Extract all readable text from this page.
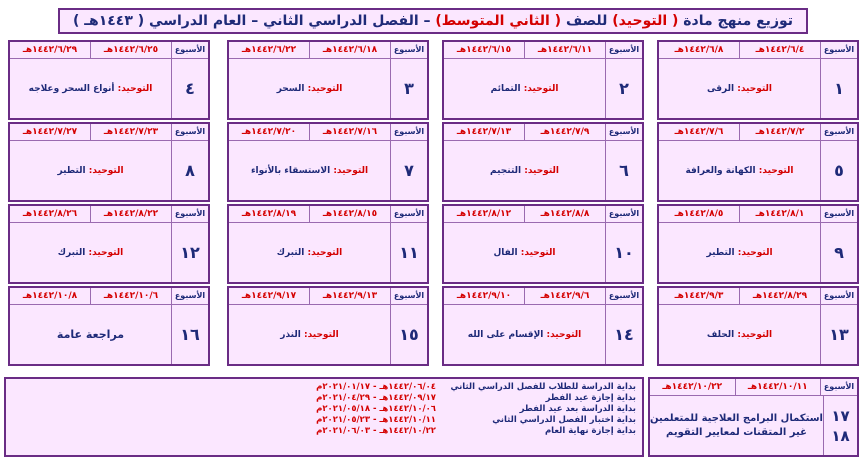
توزيع منهج مادة ( التوحيد) للصف ( الثاني المتوسط) – الفصل الدراسي الثاني – العام الدراسي ( ١٤٤٣هـ )
الأسبوع
١٤٤٢/٦/٤هـ
١٤٤٢/٦/٨هـ
١
التوحيد:

الرقى
الأسبوع
١٤٤٢/٦/١١هـ
١٤٤٢/٦/١٥هـ
٢
التوحيد:

التمائم
الأسبوع
١٤٤٢/٦/١٨هـ
١٤٤٢/٦/٢٢هـ
٣
التوحيد:

السحر
الأسبوع
١٤٤٢/٦/٢٥هـ
١٤٤٢/٦/٢٩هـ
٤
التوحيد:

أنواع السحر وعلاجه
الأسبوع
١٤٤٢/٧/٢هـ
١٤٤٢/٧/٦هـ
٥
التوحيد:

الكهانة والعرافة
الأسبوع
١٤٤٢/٧/٩هـ
١٤٤٢/٧/١٣هـ
٦
التوحيد:

التنجيم
الأسبوع
١٤٤٢/٧/١٦هـ
١٤٤٢/٧/٢٠هـ
٧
التوحيد:

الاستسقاء بالأنواء
الأسبوع
١٤٤٢/٧/٢٣هـ
١٤٤٢/٧/٢٧هـ
٨
التوحيد:

التطير
الأسبوع
١٤٤٢/٨/١هـ
١٤٤٢/٨/٥هـ
٩
التوحيد:

التطير
الأسبوع
١٤٤٢/٨/٨هـ
١٤٤٢/٨/١٢هـ
١٠
التوحيد:

الفال
الأسبوع
١٤٤٢/٨/١٥هـ
١٤٤٢/٨/١٩هـ
١١
التوحيد:

التبرك
الأسبوع
١٤٤٢/٨/٢٢هـ
١٤٤٢/٨/٢٦هـ
١٢
التوحيد:

التبرك
الأسبوع
١٤٤٢/٨/٢٩هـ
١٤٤٢/٩/٣هـ
١٣
التوحيد:

الحلف
الأسبوع
١٤٤٢/٩/٦هـ
١٤٤٢/٩/١٠هـ
١٤
التوحيد:

الإقسام على الله
الأسبوع
١٤٤٢/٩/١٣هـ
١٤٤٢/٩/١٧هـ
١٥
التوحيد:

النذر
الأسبوع
١٤٤٢/١٠/٦هـ
١٤٤٢/١٠/٨هـ
١٦
مراجعة عامة
الأسبوع
١٤٤٢/١٠/١١هـ
١٤٤٢/١٠/٢٢هـ
١٧
١٨
استكمال البرامج العلاجية للمتعلمين
غير المتقنات لمعايير التقويم
بداية الدراسة للطلاب للفصل الدراسي الثاني
بداية إجازة عيد الفطر
بداية الدراسة بعد عيد الفطر
بداية اختبار الفصل الدراسي الثاني
بداية إجازة نهاية العام
١٤٤٢/٠٦/٠٤هـ - ٢٠٢١/٠١/١٧م
١٤٤٢/٠٩/١٧هـ - ٢٠٢١/٠٤/٢٩م
١٤٤٢/١٠/٠٦هـ - ٢٠٢١/٠٥/١٨م
١٤٤٢/١٠/١١هـ - ٢٠٢١/٠٥/٢٣م
١٤٤٢/١٠/٢٢هـ - ٢٠٢١/٠٦/٠٣م
